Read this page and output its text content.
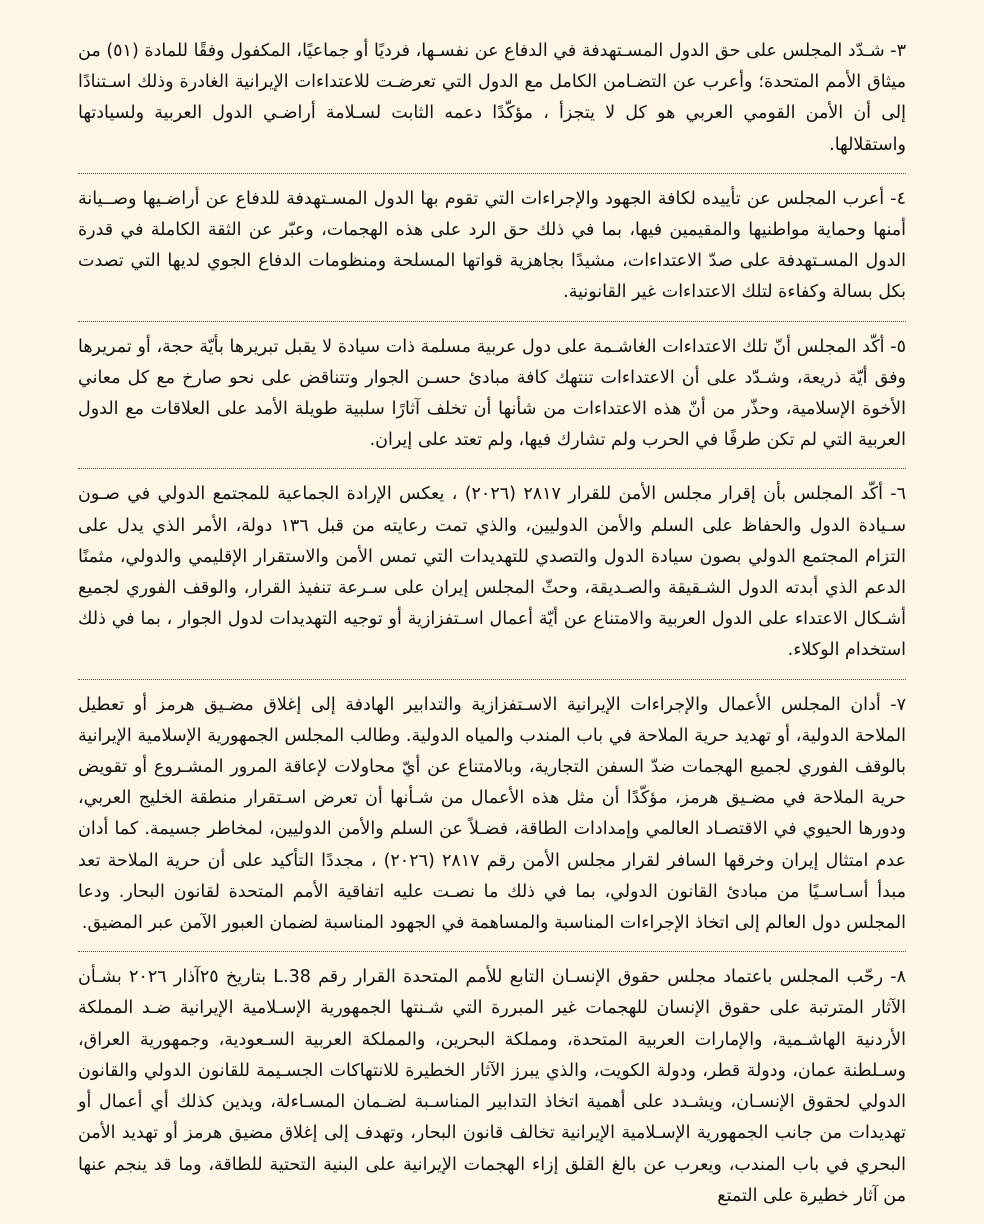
٣- شـدّد المجلس على حق الدول المسـتهدفة في الدفاع عن نفسـها، فرديًا أو جماعيًا، المكفول وفقًا للمادة (٥١) من ميثاق الأمم المتحدة؛ وأعرب عن التضـامن الكامل مع الدول التي تعرضـت للاعتداءات الإيرانية الغادرة وذلك اسـتنادًا إلى أن الأمن القومي العربي هو كل لا يتجزأ ، مؤكّدًا دعمه الثابت لسـلامة أراضـي الدول العربية ولسيادتها واستقلالها.

٤- أعرب المجلس عن تأييده لكافة الجهود والإجراءات التي تقوم بها الدول المسـتهدفة للدفاع عن أراضـيها وصــيانة أمنها وحماية مواطنيها والمقيمين فيها، بما في ذلك حق الرد على هذه الهجمات، وعبّر عن الثقة الكاملة في قدرة الدول المسـتهدفة على صدّ الاعتداءات، مشيدًا بجاهزية قواتها المسلحة ومنظومات الدفاع الجوي لديها التي تصدت بكل بسالة وكفاءة لتلك الاعتداءات غير القانونية.

٥- أكّد المجلس أنّ تلك الاعتداءات الغاشـمة على دول عربية مسلمة ذات سيادة لا يقبل تبريرها بأيّة حجة، أو تمريرها وفق أيّة ذريعة، وشـدّد على أن الاعتداءات تنتهك كافة مبادئ حسـن الجوار وتتناقض على نحو صارخ مع كل معاني الأخوة الإسلامية، وحذّر من أنّ هذه الاعتداءات من شأنها أن تخلف آثارًا سلبية طويلة الأمد على العلاقات مع الدول العربية التي لم تكن طرفًا في الحرب ولم تشارك فيها، ولم تعتد على إيران.

٦- أكّد المجلس بأن إقرار مجلس الأمن للقرار ٢٨١٧ (٢٠٢٦) ، يعكس الإرادة الجماعية للمجتمع الدولي في صـون سـيادة الدول والحفاظ على السلم والأمن الدوليين، والذي تمت رعايته من قبل ١٣٦ دولة، الأمر الذي يدل على التزام المجتمع الدولي بصون سيادة الدول والتصدي للتهديدات التي تمس الأمن والاستقرار الإقليمي والدولي، مثمنًا الدعم الذي أبدته الدول الشـقيقة والصـديقة، وحثّ المجلس إيران على سـرعة تنفيذ القرار، والوقف الفوري لجميع أشـكال الاعتداء على الدول العربية والامتناع عن أيّة أعمال اسـتفزازية أو توجيه التهديدات لدول الجوار ، بما في ذلك استخدام الوكلاء.

٧- أدان المجلس الأعمال والإجراءات الإيرانية الاسـتفزازية والتدابير الهادفة إلى إغلاق مضـيق هرمز أو تعطيل الملاحة الدولية، أو تهديد حرية الملاحة في باب المندب والمياه الدولية. وطالب المجلس الجمهورية الإسلامية الإيرانية بالوقف الفوري لجميع الهجمات ضدّ السفن التجارية، وبالامتناع عن أيّ محاولات لإعاقة المرور المشـروع أو تقويض حرية الملاحة في مضـيق هرمز، مؤكّدًا أن مثل هذه الأعمال من شـأنها أن تعرض اسـتقرار منطقة الخليج العربي، ودورها الحيوي في الاقتصـاد العالمي وإمدادات الطاقة، فضـلاً عن السلم والأمن الدوليين، لمخاطر جسيمة. كما أدان عدم امتثال إيران وخرقها السافر لقرار مجلس الأمن رقم ٢٨١٧ (٢٠٢٦) ، مجددًا التأكيد على أن حرية الملاحة تعد مبدأ أسـاسـيًا من مبادئ القانون الدولي، بما في ذلك ما نصـت عليه اتفاقية الأمم المتحدة لقانون البحار. ودعا المجلس دول العالم إلى اتخاذ الإجراءات المناسبة والمساهمة في الجهود المناسبة لضمان العبور الآمن عبر المضيق.

٨- رحّب المجلس باعتماد مجلس حقوق الإنسـان التابع للأمم المتحدة القرار رقم L.38 بتاريخ ٢٥آذار ٢٠٢٦ بشـأن الآثار المترتبة على حقوق الإنسان للهجمات غير المبررة التي شـنتها الجمهورية الإسـلامية الإيرانية ضـد المملكة الأردنية الهاشـمية، والإمارات العربية المتحدة، ومملكة البحرين، والمملكة العربية السـعودية، وجمهورية العراق، وسـلطنة عمان، ودولة قطر، ودولة الكويت، والذي يبرز الآثار الخطيرة للانتهاكات الجسـيمة للقانون الدولي والقانون الدولي لحقوق الإنسـان، ويشـدد على أهمية اتخاذ التدابير المناسـبة لضـمان المسـاءلة، ويدين كذلك أي أعمال أو تهديدات من جانب الجمهورية الإسـلامية الإيرانية تخالف قانون البحار، وتهدف إلى إغلاق مضيق هرمز أو تهديد الأمن البحري في باب المندب، ويعرب عن بالغ القلق إزاء الهجمات الإيرانية على البنية التحتية للطاقة، وما قد ينجم عنها من آثار خطيرة على التمتع
